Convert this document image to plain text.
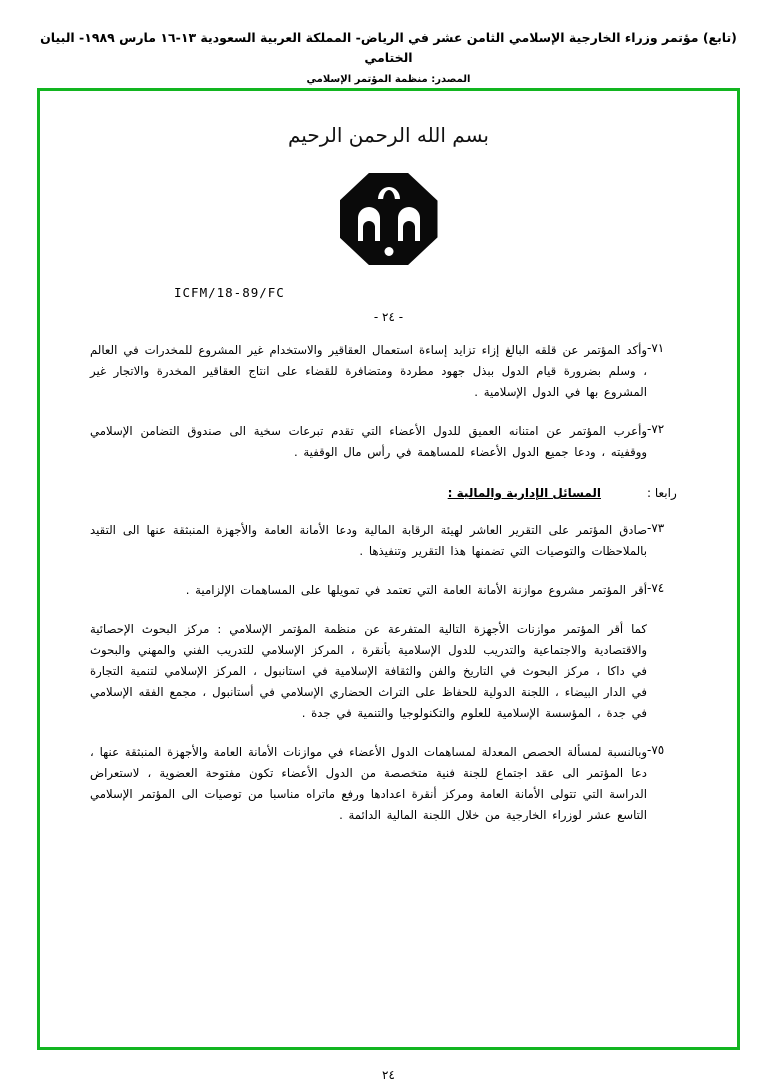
(تابع) مؤتمر وزراء الخارجية الإسلامي الثامن عشر في الرياض- المملكة العربية السعودية ١٣-١٦ مارس ١٩٨٩- البيان الختامي
المصدر: منظمة المؤتمر الإسلامي
بسم الله الرحمن الرحيم
ICFM/18-89/FC
- ٢٤ -
٧١-
وأكد المؤتمر عن قلقه البالغ إزاء تزايد إساءة استعمال العقاقير والاستخدام غير المشروع للمخدرات في العالم ، وسلم بضرورة قيام الدول ببذل جهود مطردة ومتضافرة للقضاء على انتاج العقاقير المخدرة والاتجار غير المشروع بها في الدول الإسلامية .
٧٢-
وأعرب المؤتمر عن امتنانه العميق للدول الأعضاء التي تقدم تبرعات سخية الى صندوق التضامن الإسلامي ووقفيته ، ودعا جميع الدول الأعضاء للمساهمة في رأس مال الوقفية .
رابعا :
المسائل الإدارية والمالية :
٧٣-
صادق المؤتمر على التقرير العاشر لهيئة الرقابة المالية ودعا الأمانة العامة والأجهزة المنبثقة عنها الى التقيد بالملاحظات والتوصيات التي تضمنها هذا التقرير وتنفيذها .
٧٤-
أقر المؤتمر مشروع موازنة الأمانة العامة التي تعتمد في تمويلها على المساهمات الإلزامية .
كما أقر المؤتمر موازنات الأجهزة التالية المتفرعة عن منظمة المؤتمر الإسلامي : مركز البحوث الإحصائية والاقتصادية والاجتماعية والتدريب للدول الإسلامية بأنقرة ، المركز الإسلامي للتدريب الفني والمهني والبحوث في داكا ، مركز البحوث في التاريخ والفن والثقافة الإسلامية في استانبول ، المركز الإسلامي لتنمية التجارة في الدار البيضاء ، اللجنة الدولية للحفاظ على التراث الحضاري الإسلامي في أستانبول ، مجمع الفقه الإسلامي في جدة ، المؤسسة الإسلامية للعلوم والتكنولوجيا والتنمية في جدة .
٧٥-
وبالنسبة لمسألة الحصص المعدلة لمساهمات الدول الأعضاء في موازنات الأمانة العامة والأجهزة المنبثقة عنها ، دعا المؤتمر الى عقد اجتماع للجنة فنية متخصصة من الدول الأعضاء تكون مفتوحة العضوية ، لاستعراض الدراسة التي تتولى الأمانة العامة ومركز أنقرة اعدادها ورفع ماتراه مناسبا من توصيات الى المؤتمر الإسلامي التاسع عشر لوزراء الخارجية من خلال اللجنة المالية الدائمة .
٢٤
